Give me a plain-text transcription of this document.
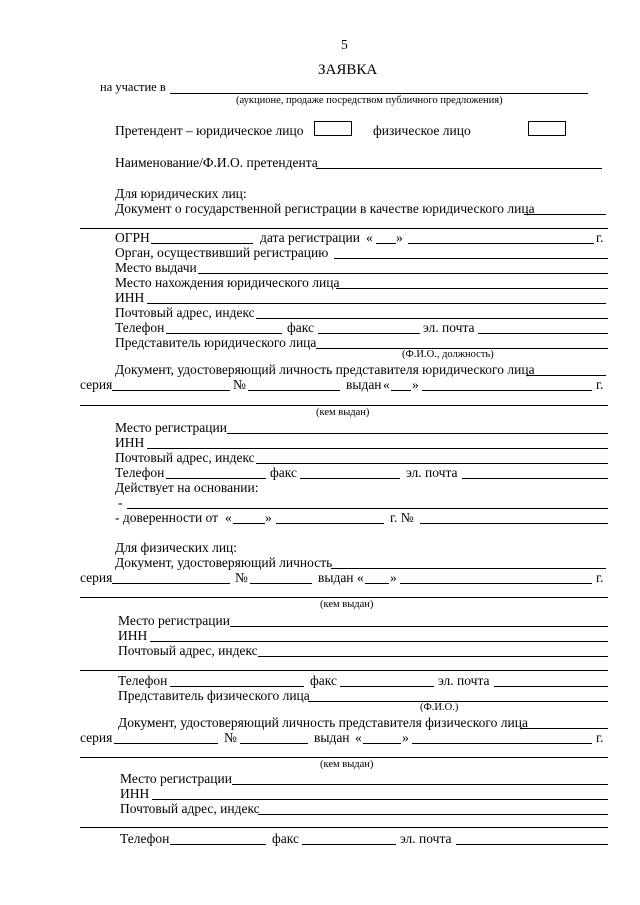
5
ЗАЯВКА
на участие в
(аукционе, продаже посредством публичного предложения)
Претендент – юридическое лицо	физическое лицо
Наименование/Ф.И.О. претендента
Для юридических лиц:
Документ о государственной регистрации в качестве юридического лица
ОГРН	дата регистрации « »	г.
Орган, осуществивший регистрацию
Место выдачи
Место нахождения юридического лица
ИНН
Почтовый адрес, индекс
Телефон	факс	эл. почта
Представитель юридического лица
(Ф.И.О., должность)
Документ, удостоверяющий личность представителя юридического лица
серия	№	выдан « »	г.
(кем выдан)
Место регистрации
ИНН
Почтовый адрес, индекс
Телефон	факс	эл. почта
Действует на основании:
-
- доверенности от « »	г. №
Для физических лиц:
Документ, удостоверяющий личность
серия	№	выдан « »	г.
(кем выдан)
Место регистрации
ИНН
Почтовый адрес, индекс
Телефон	факс	эл. почта
Представитель физического лица
(Ф.И.О.)
Документ, удостоверяющий личность представителя физического лица
серия	№	выдан «	»	г.
(кем выдан)
Место регистрации
ИНН
Почтовый адрес, индекс
Телефон	факс	эл. почта
